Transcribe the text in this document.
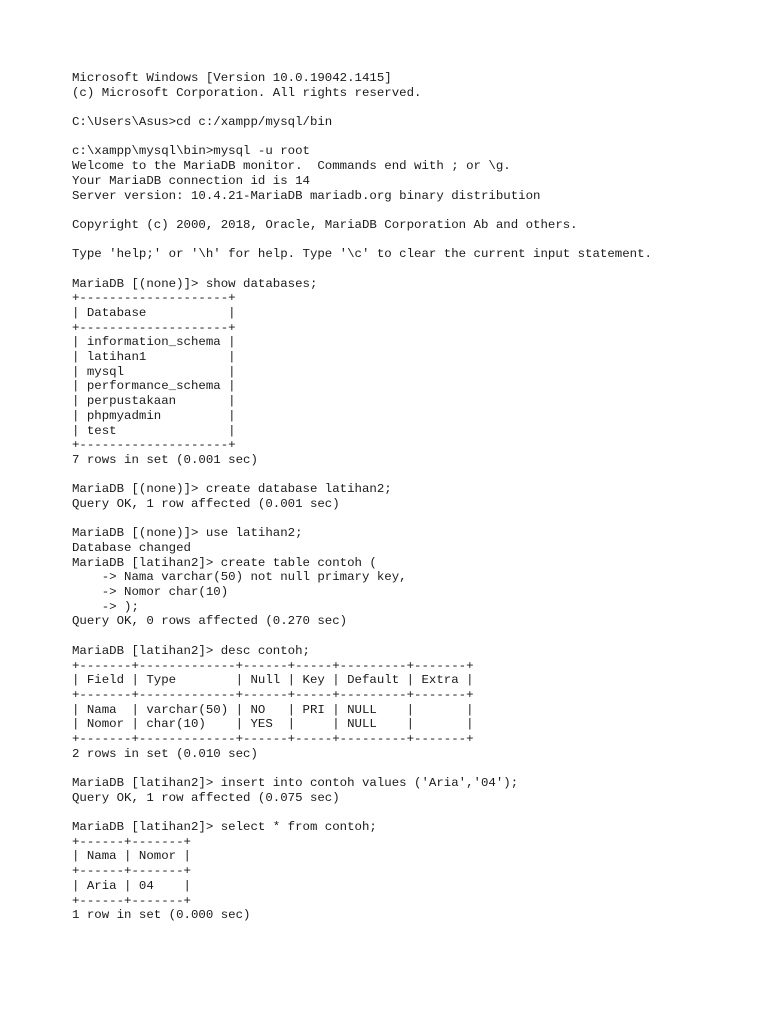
Microsoft Windows [Version 10.0.19042.1415]
(c) Microsoft Corporation. All rights reserved.
C:\Users\Asus>cd c:/xampp/mysql/bin
c:\xampp\mysql\bin>mysql -u root
Welcome to the MariaDB monitor.  Commands end with ; or \g.
Your MariaDB connection id is 14
Server version: 10.4.21-MariaDB mariadb.org binary distribution
Copyright (c) 2000, 2018, Oracle, MariaDB Corporation Ab and others.
Type 'help;' or '\h' for help. Type '\c' to clear the current input statement.
MariaDB [(none)]> show databases;
+--------------------+
| Database           |
+--------------------+
| information_schema |
| latihan1           |
| mysql              |
| performance_schema |
| perpustakaan       |
| phpmyadmin         |
| test               |
+--------------------+
7 rows in set (0.001 sec)
MariaDB [(none)]> create database latihan2;
Query OK, 1 row affected (0.001 sec)
MariaDB [(none)]> use latihan2;
Database changed
MariaDB [latihan2]> create table contoh (
-> Nama varchar(50) not null primary key,
-> Nomor char(10)
-> );
Query OK, 0 rows affected (0.270 sec)
MariaDB [latihan2]> desc contoh;
+-------+-------------+------+-----+---------+-------+
| Field | Type        | Null | Key | Default | Extra |
+-------+-------------+------+-----+---------+-------+
| Nama  | varchar(50) | NO   | PRI | NULL    |       |
| Nomor | char(10)    | YES  |     | NULL    |       |
+-------+-------------+------+-----+---------+-------+
2 rows in set (0.010 sec)
MariaDB [latihan2]> insert into contoh values ('Aria','04');
Query OK, 1 row affected (0.075 sec)
MariaDB [latihan2]> select * from contoh;
+------+-------+
| Nama | Nomor |
+------+-------+
| Aria | 04    |
+------+-------+
1 row in set (0.000 sec)
